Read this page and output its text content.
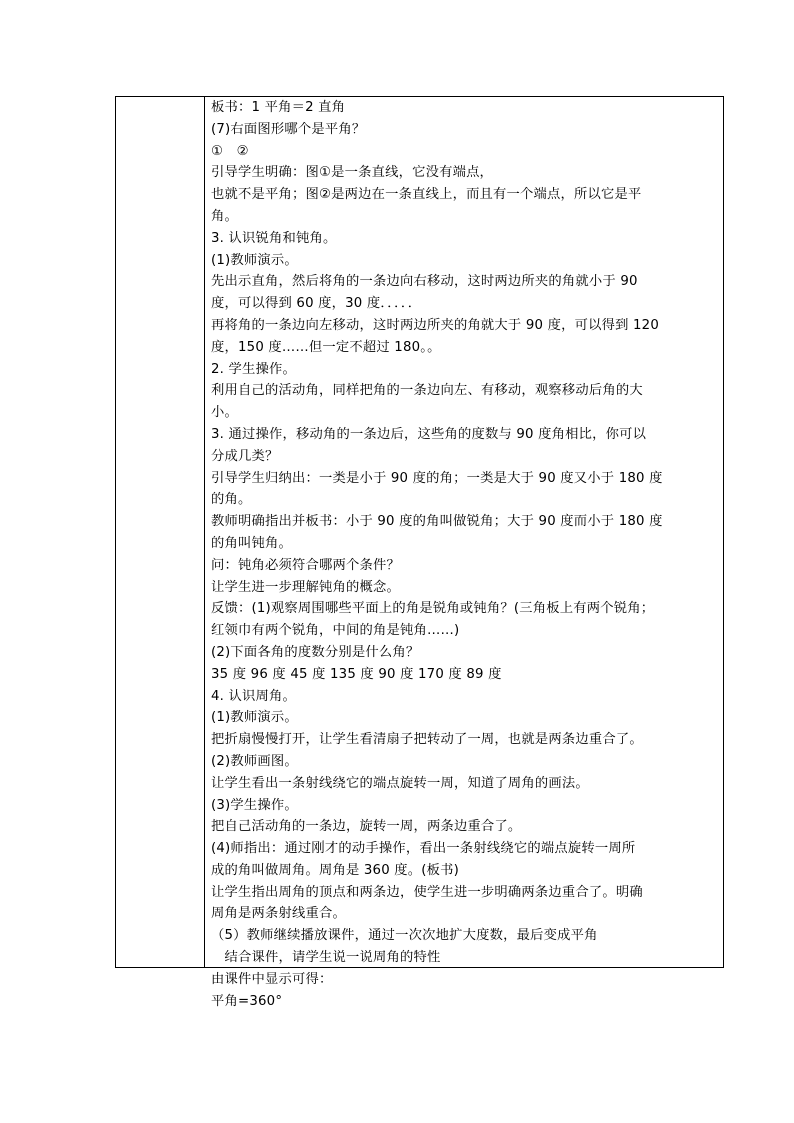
板书：1 平角＝2 直角
(7)右面图形哪个是平角？
①　②
引导学生明确：图①是一条直线，它没有端点，
也就不是平角；图②是两边在一条直线上，而且有一个端点，所以它是平
角。
3. 认识锐角和钝角。
(1)教师演示。
先出示直角，然后将角的一条边向右移动，这时两边所夹的角就小于 90
度，可以得到 60 度，30 度．．．．．
再将角的一条边向左移动，这时两边所夹的角就大于 90 度，可以得到 120
度，150 度……但一定不超过 180。。
2. 学生操作。
利用自己的活动角，同样把角的一条边向左、有移动，观察移动后角的大
小。
3. 通过操作，移动角的一条边后，这些角的度数与 90 度角相比，你可以
分成几类？
引导学生归纳出：一类是小于 90 度的角；一类是大于 90 度又小于 180 度
的角。
教师明确指出并板书：小于 90 度的角叫做锐角；大于 90 度而小于 180 度
的角叫钝角。
问：钝角必须符合哪两个条件？
让学生进一步理解钝角的概念。
反馈：(1)观察周围哪些平面上的角是锐角或钝角？(三角板上有两个锐角；
红领巾有两个锐角，中间的角是钝角……)
(2)下面各角的度数分别是什么角？
35 度 96 度 45 度 135 度 90 度 170 度 89 度
4. 认识周角。
(1)教师演示。
把折扇慢慢打开，让学生看清扇子把转动了一周，也就是两条边重合了。
(2)教师画图。
让学生看出一条射线绕它的端点旋转一周，知道了周角的画法。
(3)学生操作。
把自己活动角的一条边，旋转一周，两条边重合了。
(4)师指出：通过刚才的动手操作，看出一条射线绕它的端点旋转一周所
成的角叫做周角。周角是 360 度。(板书)
让学生指出周角的顶点和两条边，使学生进一步明确两条边重合了。明确
周角是两条射线重合。
（5）教师继续播放课件，通过一次次地扩大度数，最后变成平角
　结合课件，请学生说一说周角的特性
由课件中显示可得：
平角=360°
